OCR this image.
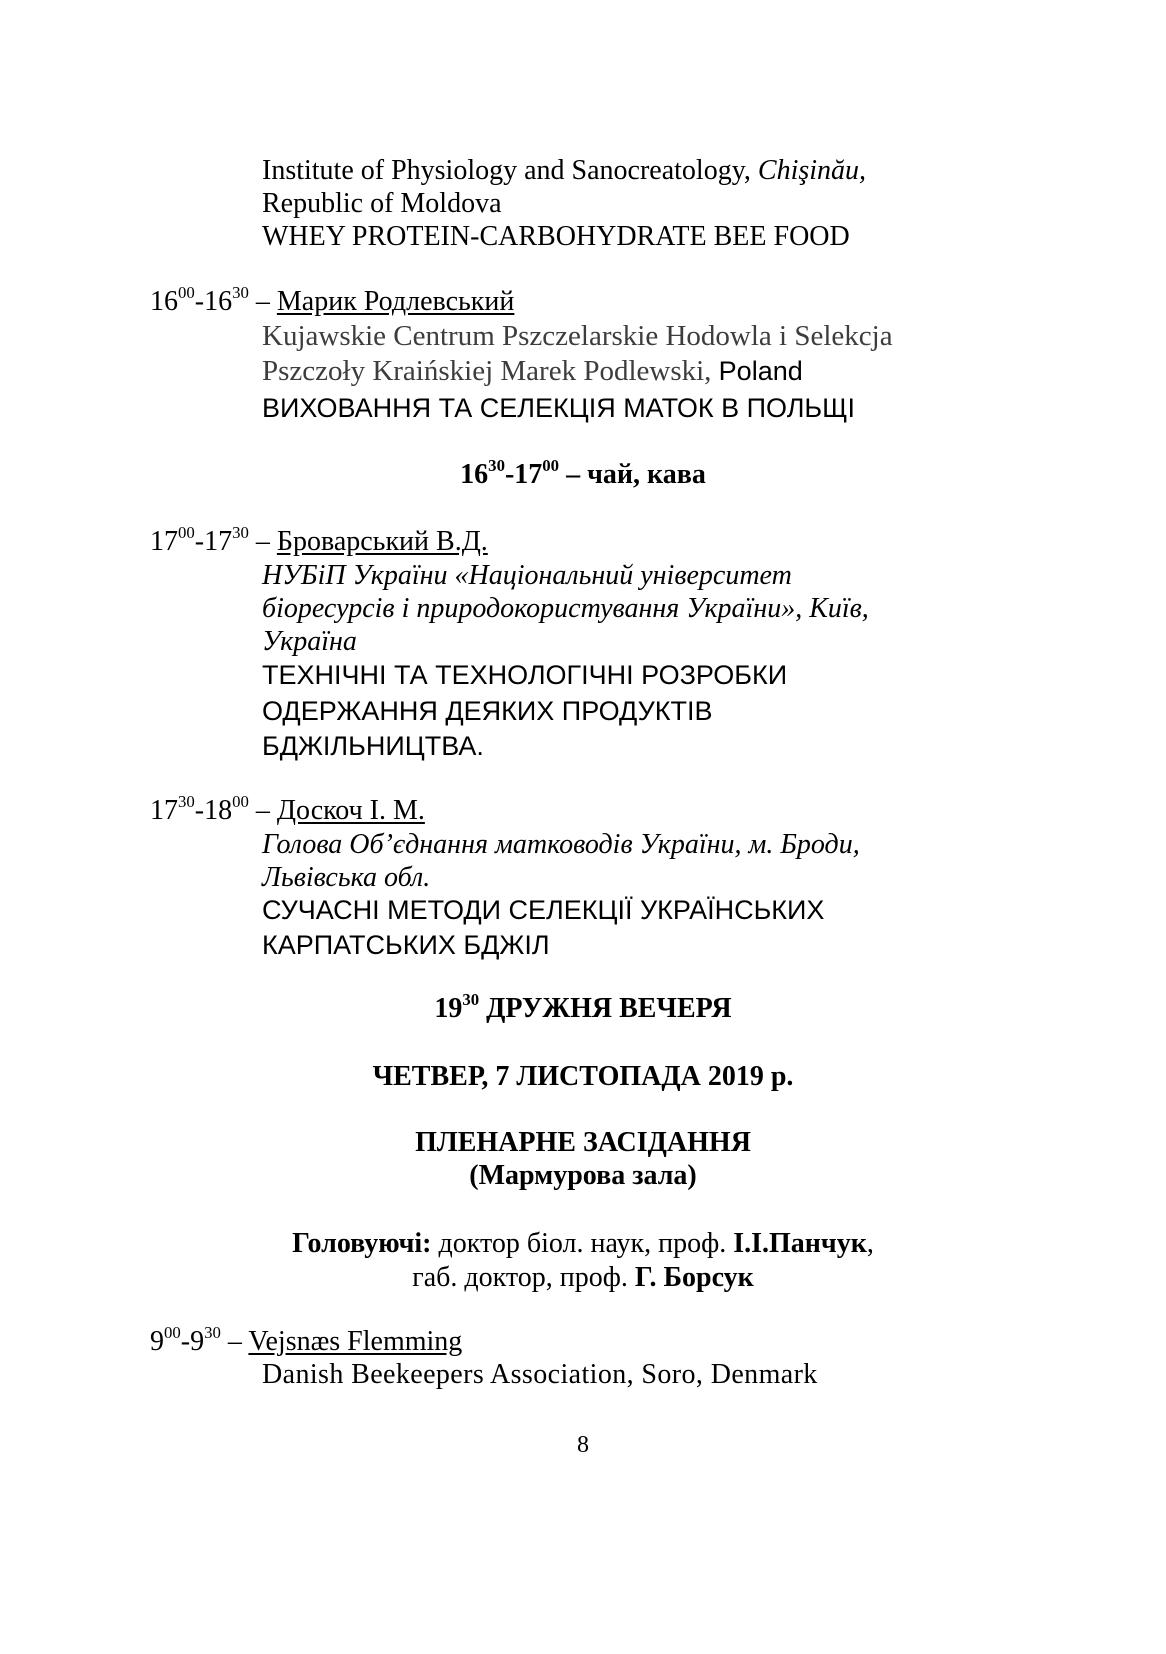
Institute of Physiology and Sanocreatology, Chişinău,
Republic of Moldova
WHEY PROTEIN-CARBOHYDRATE BEE FOOD
$16^{00}-16^{30}$ – Марик Родлевський
Kujawskie Centrum Pszczelarskie Hodowla i Selekcja
Pszczoły Kraińskiej Marek Podlewski, Poland
ВИХОВАННЯ ТА СЕЛЕКЦІЯ МАТОК В ПОЛЬЩІ
$16^{30}-17^{00}$ – чай, кава
$17^{00}-17^{30}$ – Броварський В.Д.
НУБіП України «Національний університет
біоресурсів і природокористування України», Київ,
Україна
ТЕХНІЧНІ ТА ТЕХНОЛОГІЧНІ РОЗРОБКИ
ОДЕРЖАННЯ ДЕЯКИХ ПРОДУКТІВ
БДЖІЛЬНИЦТВА.
$17^{30}-18^{00}$ – Доскоч І. М.
Голова Об’єднання матководів України, м. Броди,
Львівська обл.
СУЧАСНІ МЕТОДИ СЕЛЕКЦІЇ УКРАЇНСЬКИХ
КАРПАТСЬКИХ БДЖІЛ
$19^{30}$ ДРУЖНЯ ВЕЧЕРЯ
ЧЕТВЕР, 7 ЛИСТОПАДА 2019 р.
ПЛЕНАРНЕ ЗАСІДАННЯ
(Мармурова зала)
Головуючі: доктор біол. наук, проф. І.І.Панчук,
габ. доктор, проф. Г. Борсук
$9^{00}-9^{30}$ – Vejsnæs Flemming
Danish Beekeepers Association, Soro, Denmark
8
